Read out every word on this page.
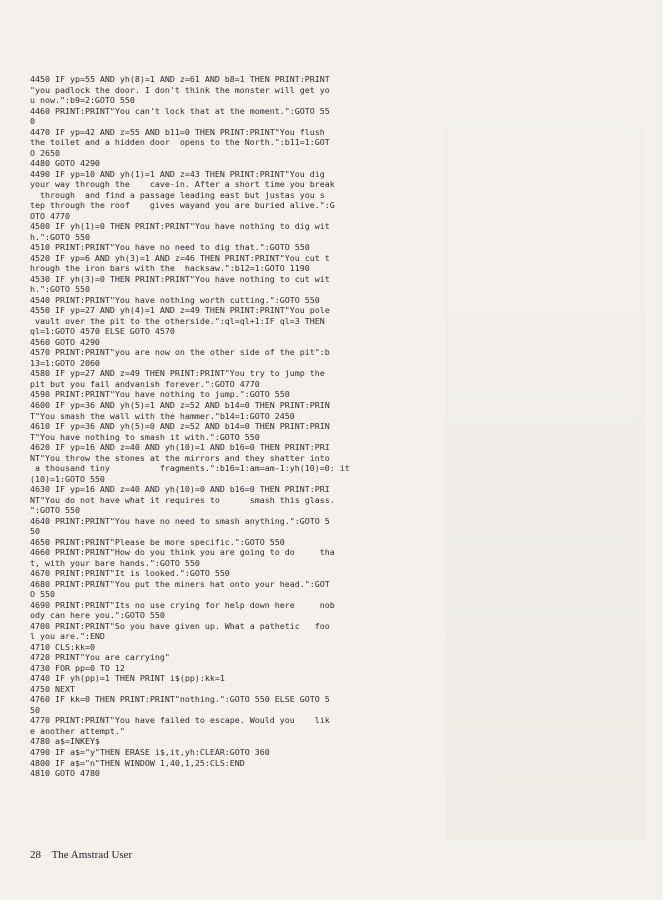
4450 IF yp=55 AND yh(8)=1 AND z=61 AND b8=1 THEN PRINT:PRINT
"you padlock the door. I don't think the monster will get yo
u now.":b9=2:GOTO 550
4460 PRINT:PRINT"You can't lock that at the moment.":GOTO 55
0
4470 IF yp=42 AND z=55 AND b11=0 THEN PRINT:PRINT"You flush
the toilet and a hidden door  opens to the North.":b11=1:GOT
O 2650
4480 GOTO 4290
4490 IF yp=10 AND yh(1)=1 AND z=43 THEN PRINT:PRINT"You dig
your way through the    cave-in. After a short time you break
through  and find a passage leading east but justas you s
tep through the roof    gives wayand you are buried alive.":G
OTO 4770
4500 IF yh(1)=0 THEN PRINT:PRINT"You have nothing to dig wit
h.":GOTO 550
4510 PRINT:PRINT"You have no need to dig that.":GOTO 550
4520 IF yp=6 AND yh(3)=1 AND z=46 THEN PRINT:PRINT"You cut t
hrough the iron bars with the  hacksaw.":b12=1:GOTO 1190
4530 IF yh(3)=0 THEN PRINT:PRINT"You have nothing to cut wit
h.":GOTO 550
4540 PRINT:PRINT"You have nothing worth cutting.":GOTO 550
4550 IF yp=27 AND yh(4)=1 AND z=49 THEN PRINT:PRINT"You pole
vault over the pit to the otherside.":ql=ql+1:IF ql=3 THEN
ql=1:GOTO 4570 ELSE GOTO 4570
4560 GOTO 4290
4570 PRINT:PRINT"you are now on the other side of the pit":b
13=1:GOTO 2060
4580 IF yp=27 AND z=49 THEN PRINT:PRINT"You try to jump the
pit but you fail andvanish forever.":GOTO 4770
4590 PRINT:PRINT"You have nothing to jump.":GOTO 550
4600 IF yp=36 AND yh(5)=1 AND z=52 AND b14=0 THEN PRINT:PRIN
T"You smash the wall with the hammer."b14=1:GOTO 2450
4610 IF yp=36 AND yh(5)=0 AND z=52 AND b14=0 THEN PRINT:PRIN
T"You have nothing to smash it with.":GOTO 550
4620 IF yp=16 AND z=40 AND yh(10)=1 AND b16=0 THEN PRINT:PRI
NT"You throw the stones at the mirrors and they shatter into
a thousand tiny          fragments.":b16=1:am=am-1:yh(10)=0: it
(10)=1:GOTO 550
4630 IF yp=16 AND z=40 AND yh(10)=0 AND b16=0 THEN PRINT:PRI
NT"You do not have what it requires to      smash this glass.
":GOTO 550
4640 PRINT:PRINT"You have no need to smash anything.":GOTO 5
50
4650 PRINT:PRINT"Please be more specific.":GOTO 550
4660 PRINT:PRINT"How do you think you are going to do     tha
t, with your bare hands.":GOTO 550
4670 PRINT:PRINT"It is looked.":GOTO 550
4680 PRINT:PRINT"You put the miners hat onto your head.":GOT
O 550
4690 PRINT:PRINT"Its no use crying for help down here     nob
ody can here you.":GOTO 550
4700 PRINT:PRINT"So you have given up. What a pathetic   foo
l you are.":END
4710 CLS:kk=0
4720 PRINT"You are carrying"
4730 FOR pp=0 TO 12
4740 IF yh(pp)=1 THEN PRINT i$(pp):kk=1
4750 NEXT
4760 IF kk=0 THEN PRINT:PRINT"nothing.":GOTO 550 ELSE GOTO 5
50
4770 PRINT:PRINT"You have failed to escape. Would you    lik
e another attempt."
4780 a$=INKEY$
4790 IF a$="y"THEN ERASE i$,it,yh:CLEAR:GOTO 360
4800 IF a$="n"THEN WINDOW 1,40,1,25:CLS:END
4810 GOTO 4780
28 The Amstrad User
